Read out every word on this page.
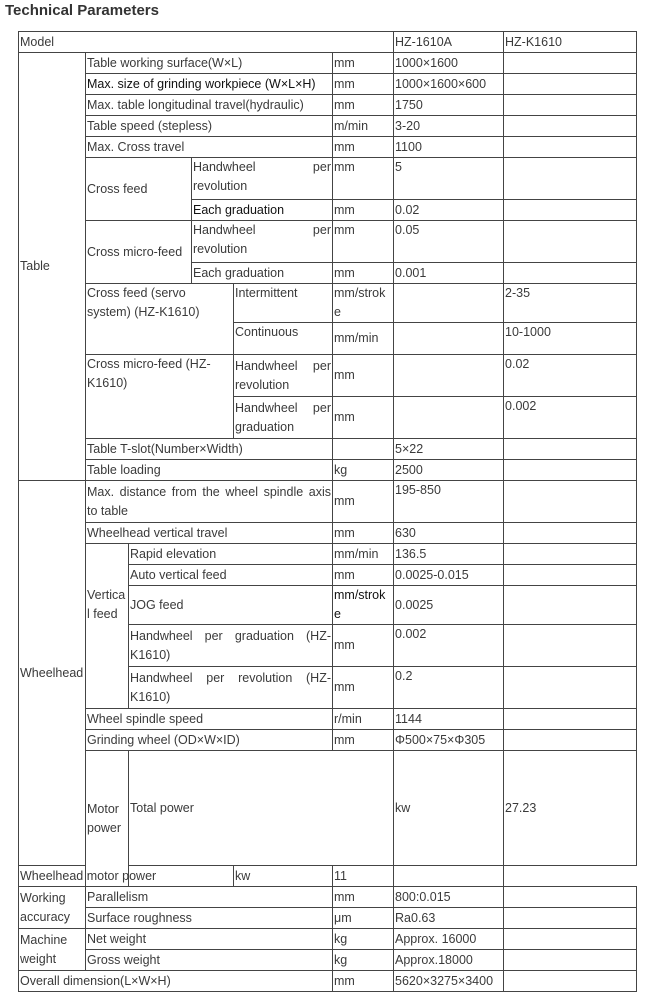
Technical Parameters
Model						HZ-1610A	HZ-K1610	
Table	Table working surface(W×L)				mm	1000×1600		
	Max. size of grinding workpiece (W×L×H)				mm	1000×1600×600		
	Max. table longitudinal travel(hydraulic)				mm	1750		
	Table speed (stepless)				m/min	3-20		
	Max. Cross travel				mm	1100		
	Cross feed		Handwheel per revolution		mm	5		

			Each graduation		mm	0.02		
	Cross micro-feed		Handwheel per revolution		mm	0.05		

			Each graduation		mm	0.001		
	Cross feed (servo system) (HZ-K1610)			Intermittent	mm/stroke		2-35	
				Continuous	mm/min		10-1000	

	Cross micro-feed (HZ-K1610)			Handwheel per revolution	mm		0.02	

				Handwheel per graduation	mm		0.002	

	Table T-slot(Number×Width)					5×22		
	Table loading				kg	2500		
Wheelhead	Max. distance from the wheel spindle axis to table				mm	195-850		

	Wheelhead vertical travel				mm	630		
	Vertical feed	Rapid elevation			mm/min	136.5		
		Auto vertical feed			mm	0.0025-0.015		
		JOG feed			mm/stroke	0.0025		
		Handwheel per graduation (HZ-K1610)			mm	0.002		

		Handwheel per revolution (HZ-K1610)			mm	0.2		

	Wheel spindle speed				r/min	1144		
	Grinding wheel (OD×W×ID)				mm	Φ500×75×Φ305		
	Motor power	Total power				kw	27.23	
Wheelhead motor power				kw	11			
Working accuracy	Parallelism				mm	800:0.015		
	Surface roughness				μm	Ra0.63		
Machine weight	Net weight				kg	Approx. 16000		
	Gross weight				kg	Approx.18000		
Overall dimension(L×W×H)					mm	5620×3275×3400		
